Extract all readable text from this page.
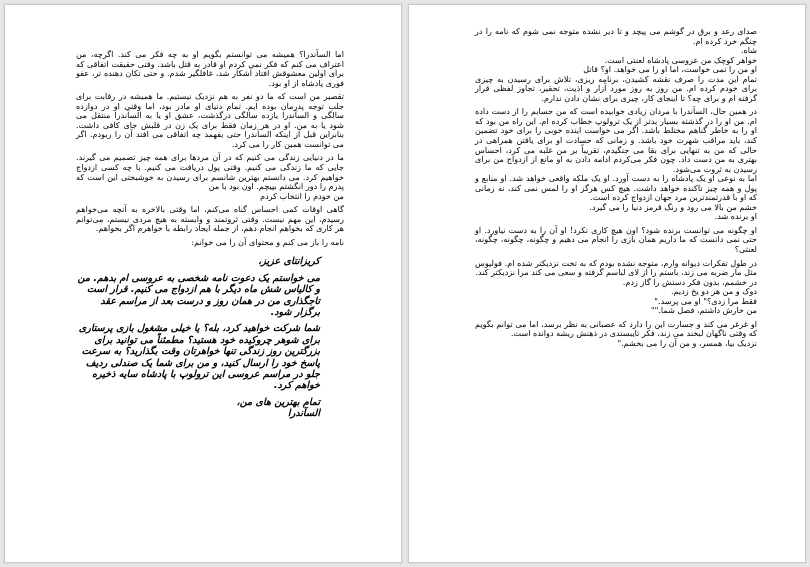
اما السآندرا؟ همیشه می توانستم بگویم او به چه فکر می کند. اگرچه، من اعتراف می کنم که فکر نمی کردم او قادر به قتل باشد. وقتی حقیقت اتفاقی که برای اولین معشوقش افتاد آشکار شد، غافلگیر شدم. و حتی تکان دهنده تر، عفو فوری پادشاه از او بود.

تقصیر من است که ما دو نفر به هم نزدیک نیستیم. ما همیشه در رقابت برای جلب توجه پدرمان بوده ایم. تمام دنیای او مادر بود، اما وقتی او در دوازده سالگی و السآندرا یازده سالگی درگذشت، عشق او یا به السآندرا منتقل می شود یا به من. او در هر زمان فقط برای یک زن در قلبش جای کافی داشت. بنابراین قبل از اینکه السآندرا حتی بفهمد چه اتفاقی می افتد آن را ربودم. اگر می توانست همین کار را می کرد.

ما در دنیایی زندگی می کنیم که در آن مردها برای همه چیز تصمیم می گیرند. جایی که ما زندگی می کنیم. وقتی پول دریافت می کنیم. با چه کسی ازدواج خواهیم کرد. می دانستم بهترین شانسم برای رسیدن به خوشبختی این است که پدرم را دور انگشتم بپیچم. اون بود با من

من خودم را انتخاب کردم

گاهی اوقات کمی احساس گناه می‌کنم، اما وقتی بالاخره به آنچه می‌خواهم رسیدم، این مهم نیست. وقتی ثروتمند و وابسته به هیچ مردی نیستم، می‌توانم هر کاری که بخواهم انجام دهم، از جمله ایجاد رابطه با خواهرم اگر بخواهم.

نامه را باز می کنم و محتوای آن را می خوانم:

کریزانتای عزیز،

می خواستم یک دعوت نامه شخصی به عروسی ام بدهم. من و کالیاس شش ماه دیگر با هم ازدواج می کنیم. قرار است تاجگذاری من در همان روز و درست بعد از مراسم عقد برگزار شود.

شما شرکت خواهید کرد، بله؟ یا خیلی مشغول بازی پرستاری برای شوهر چروکیده خود هستید؟ مطمئناً می توانید برای بزرگترین روز زندگی تنها خواهرتان وقت بگذارید؟ به سرعت پاسخ خود را ارسال کنید، و من برای شما یک صندلی ردیف جلو در مراسم عروسی این ترولوپ با پادشاه سایه ذخیره خواهم کرد.

تمام بهترین های من،

السآندرا

صدای رعد و برق در گوشم می پیچد و تا دیر نشده متوجه نمی شوم که نامه را در چنگم خرد کرده ام.

شاه.

خواهر کوچک من عروسی پادشاه لعنتی است.

او من را نمی خواست، اما او را می خواهد. او؟ قاتل

تمام این مدت را صرف نقشه کشیدن، برنامه ریزی، تلاش برای رسیدن به چیزی برای خودم کرده ام. من روز به روز مورد آزار و اذیت، تحقیر، تجاوز لفظی قرار گرفته ام و برای چه؟ تا اینجای کار، چیزی برای نشان دادن ندارم.

در همین حال، السآندرا با مردان زیادی خوابیده است که من حسابم را از دست داده ام. من او را در گذشته بسیار بدتر از یک ترولوپ خطاب کرده ام. این راه من بود که او را به خاطر گناهم مختلط باشد. اگر می خواست اینده خوبی را برای خود تضمین کند، باید مراقب شهرت خود باشد. و زمانی که حسادت او برای یافتن همراهی در حالی که من به تنهایی برای بقا می جنگیدم، تقریباً بر من غلبه می کرد، احساس بهتری به من دست داد. چون فکر می‌کردم ادامه دادن به او مانع از ازدواج من برای رسیدن به ثروت می‌شود.

اما به نوعی او یک پادشاه را به دست آورد. او یک ملکه واقعی خواهد شد. او منابع و پول و همه چیز تاکنده خواهد داشت. هیچ کس هرگز او را لمس نمی کند، نه زمانی که او با قدرتمندترین مرد جهان ازدواج کرده است.

خشم من بالا می رود و رنگ قرمز دنیا را می گیرد.

او برنده شد.

او چگونه می توانست برنده شود؟ اون هیچ کاری نکرد! او آن را به دست نیاورد. او حتی نمی دانست که ما داریم همان بازی را انجام می دهیم و چگونه، چگونه، چگونه، لعنتی؟

در طول تفکرات دیوانه وارم، متوجه نشده بودم که به تخت نزدیکتر شده ام. فولیوس مثل مار ضربه می زند، باستم را از لای لباسم گرفته و سعی می کند مرا نزدیکتر کند.

در خشمم، بدون فکر دستش را گاز زدم.

دوک و من هر دو یخ زدیم.

فقط مرا زدی؟" او می پرسد."

من خارش داشتم، فصل شما.""

او غرغر می کند و جسارت این را دارد که عصبانی به نظر برسد، اما می توانم بگویم که وقتی ناگهان لبخند می زند، فکر تایبستدی در ذهنش ریشه دوانده است.

نزدیک بیا، همسر، و من آن را می بخشم."
